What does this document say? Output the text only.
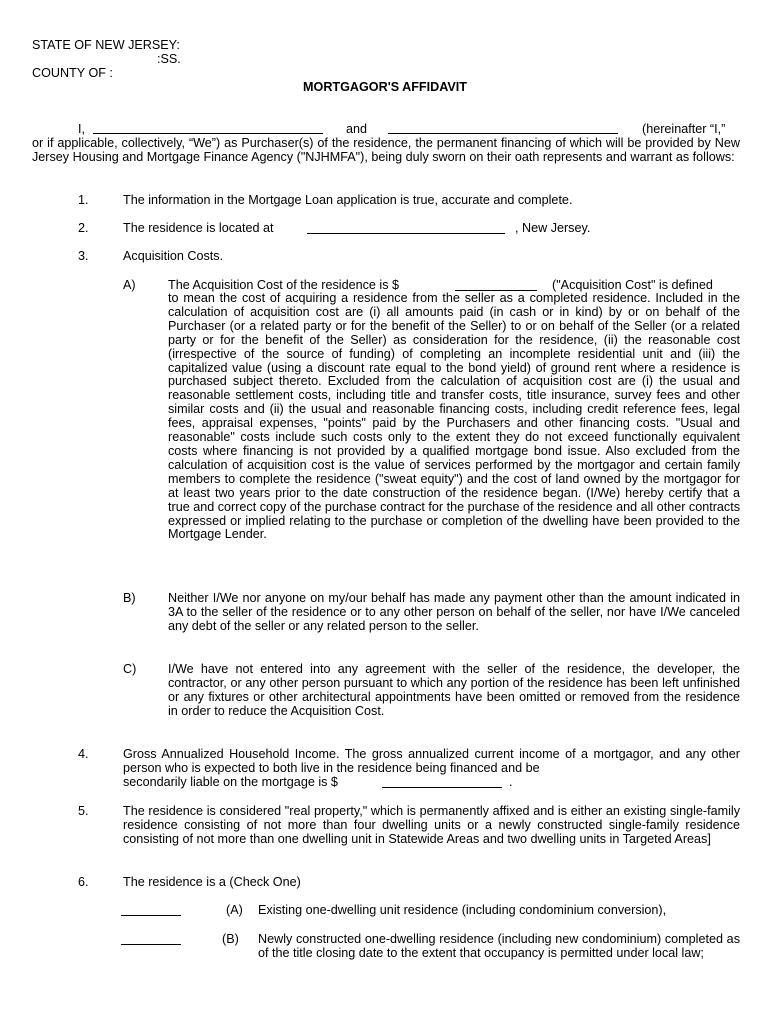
STATE OF NEW JERSEY:
:SS.
COUNTY OF :
MORTGAGOR'S AFFIDAVIT
I,	and	(hereinafter “I,”
or if applicable, collectively, “We”) as Purchaser(s) of the residence, the permanent financing of which will be provided by New Jersey Housing and Mortgage Finance Agency ("NJHMFA"), being duly sworn on their oath represents and warrant as follows:
1.	The information in the Mortgage Loan application is true, accurate and complete.
2.	The residence is located at	, New Jersey.
3.	Acquisition Costs.
A)	The Acquisition Cost of the residence is $	("Acquisition Cost" is defined
to mean the cost of acquiring a residence from the seller as a completed residence. Included in the calculation of acquisition cost are (i) all amounts paid (in cash or in kind) by or on behalf of the Purchaser (or a related party or for the benefit of the Seller) to or on behalf of the Seller (or a related party or for the benefit of the Seller) as consideration for the residence, (ii) the reasonable cost (irrespective of the source of funding) of completing an incomplete residential unit and (iii) the capitalized value (using a discount rate equal to the bond yield) of ground rent where a residence is purchased subject thereto. Excluded from the calculation of acquisition cost are (i) the usual and reasonable settlement costs, including title and transfer costs, title insurance, survey fees and other similar costs and (ii) the usual and reasonable financing costs, including credit reference fees, legal fees, appraisal expenses, "points" paid by the Purchasers and other financing costs. "Usual and reasonable" costs include such costs only to the extent they do not exceed functionally equivalent costs where financing is not provided by a qualified mortgage bond issue. Also excluded from the calculation of acquisition cost is the value of services performed by the mortgagor and certain family members to complete the residence ("sweat equity") and the cost of land owned by the mortgagor for at least two years prior to the date construction of the residence began. (I/We) hereby certify that a true and correct copy of the purchase contract for the purchase of the residence and all other contracts expressed or implied relating to the purchase or completion of the dwelling have been provided to the Mortgage Lender.
B)	Neither I/We nor anyone on my/our behalf has made any payment other than the amount indicated in 3A to the seller of the residence or to any other person on behalf of the seller, nor have I/We canceled any debt of the seller or any related person to the seller.
C)	I/We have not entered into any agreement with the seller of the residence, the developer, the contractor, or any other person pursuant to which any portion of the residence has been left unfinished or any fixtures or other architectural appointments have been omitted or removed from the residence in order to reduce the Acquisition Cost.
4.	Gross Annualized Household Income. The gross annualized current income of a mortgagor, and any other person who is expected to both live in the residence being financed and be
secondarily liable on the mortgage is $	.
5.	The residence is considered "real property," which is permanently affixed and is either an existing single-family residence consisting of not more than four dwelling units or a newly constructed single-family residence consisting of not more than one dwelling unit in Statewide Areas and two dwelling units in Targeted Areas]
6.	The residence is a (Check One)
(A) Existing one-dwelling unit residence (including condominium conversion),
(B) Newly constructed one-dwelling residence (including new condominium) completed as of the title closing date to the extent that occupancy is permitted under local law;
